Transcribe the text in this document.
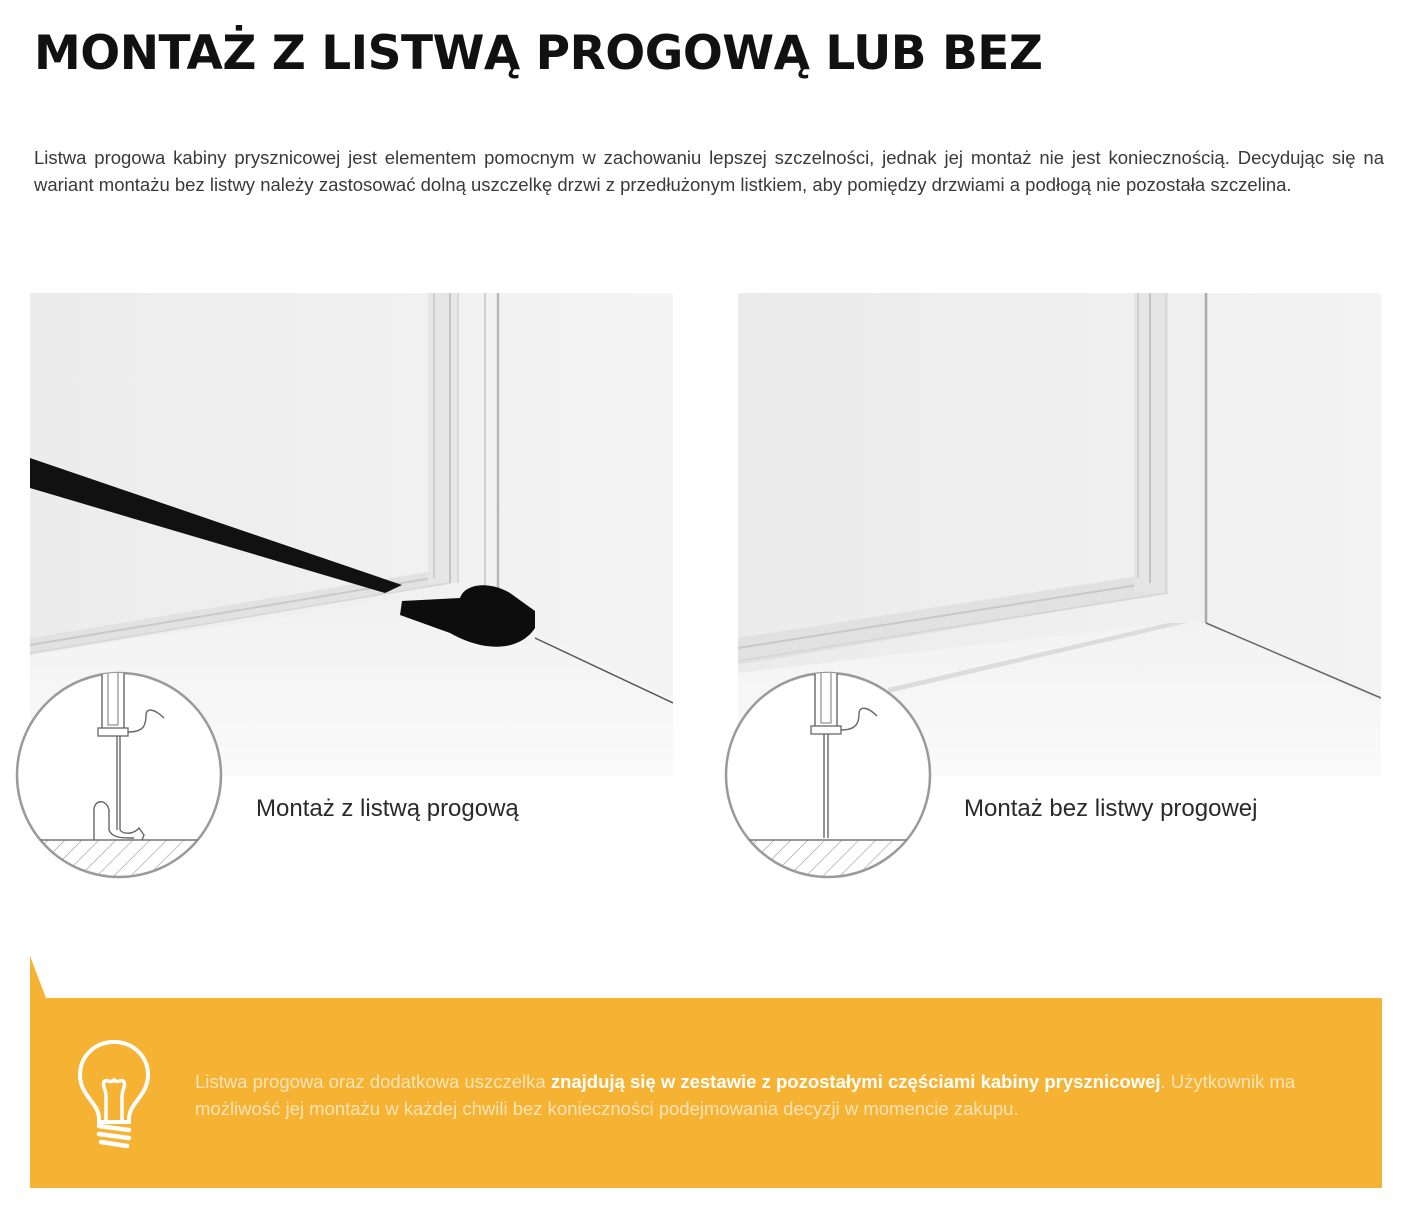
MONTAŻ Z LISTWĄ PROGOWĄ LUB BEZ

Listwa progowa kabiny prysznicowej jest elementem pomocnym w zachowaniu lepszej szczelności, jednak jej montaż nie jest koniecznością. Decydując się na wariant montażu bez listwy należy zastosować dolną uszczelkę drzwi z przedłużonym listkiem, aby pomiędzy drzwiami a podłogą nie pozostała szczelina.

Montaż z listwą progową	Montaż bez listwy progowej

Listwa progowa oraz dodatkowa uszczelka znajdują się w zestawie z pozostałymi częściami kabiny prysznicowej. Użytkownik ma możliwość jej montażu w każdej chwili bez konieczności podejmowania decyzji w momencie zakupu.
